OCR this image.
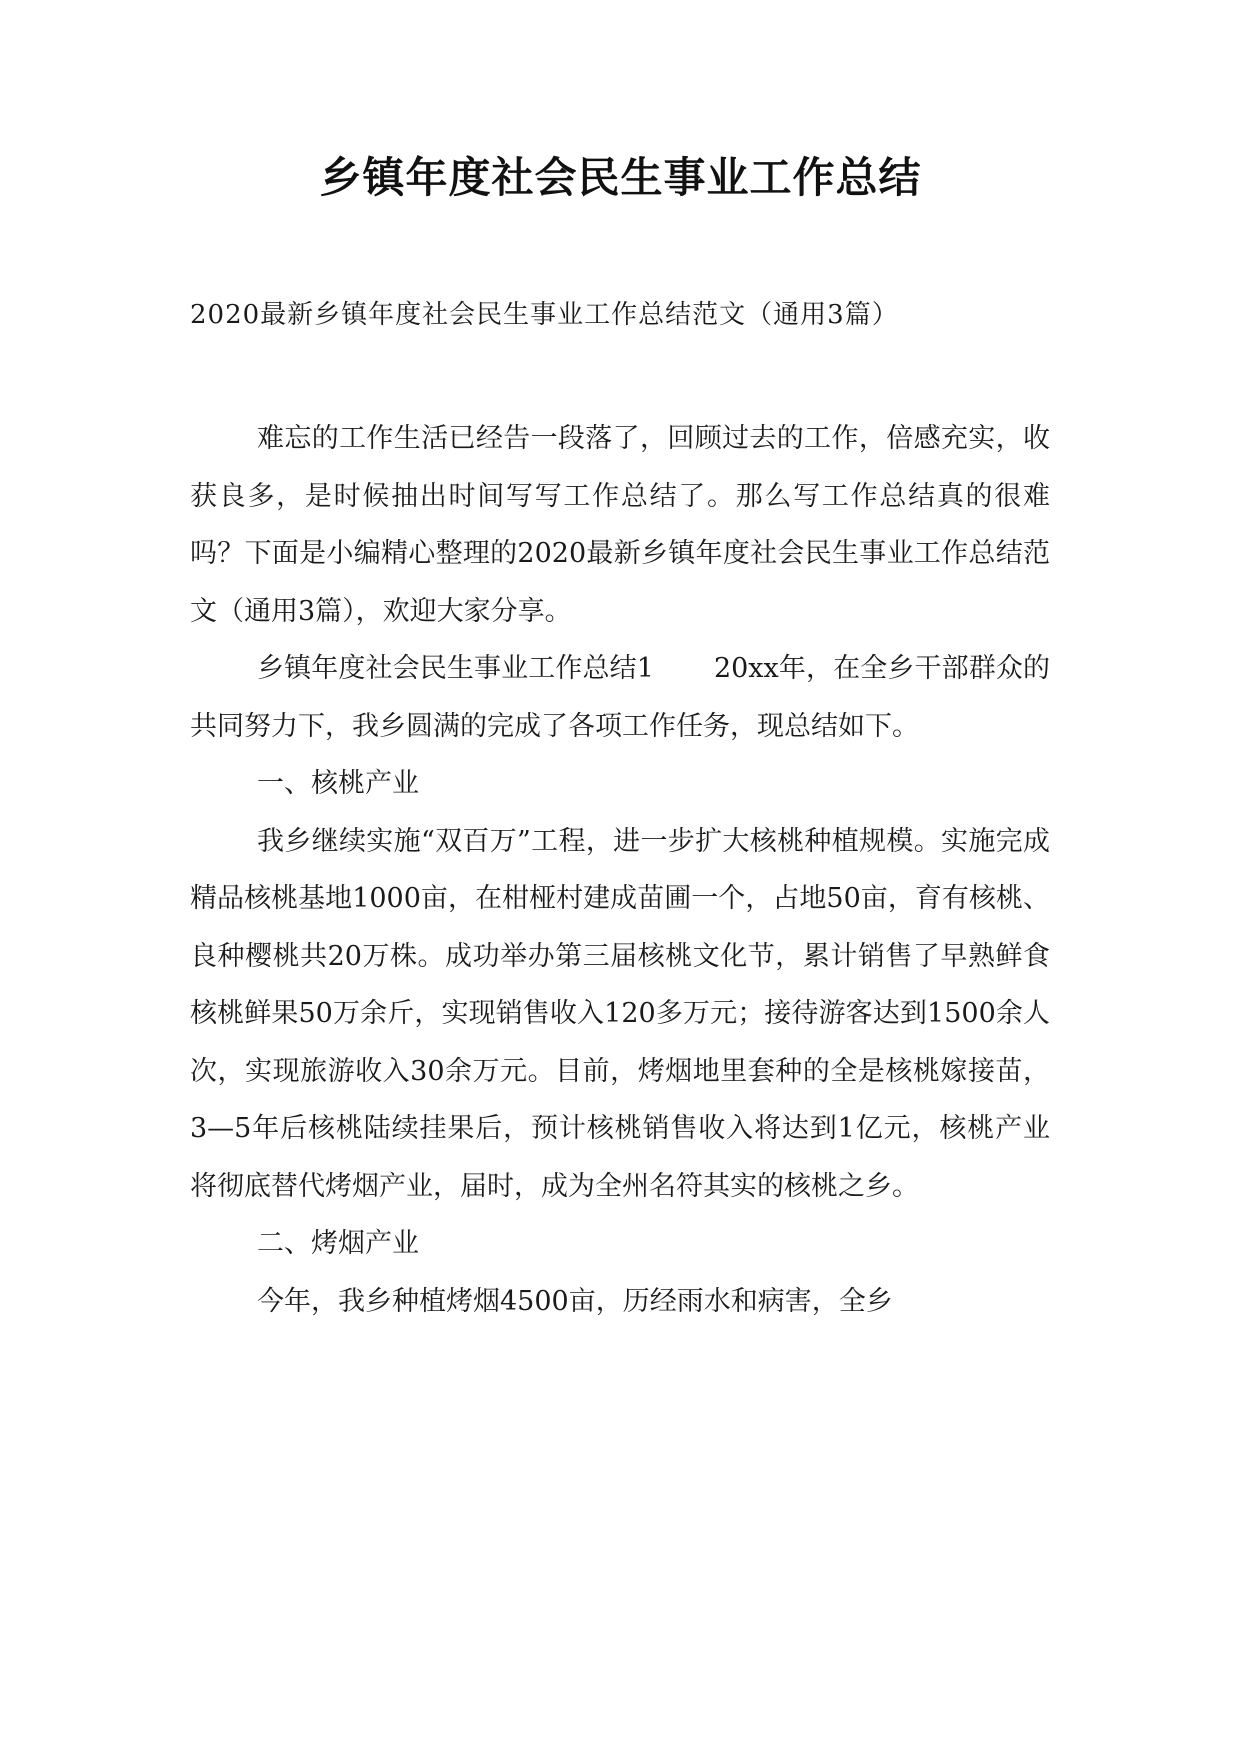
乡镇年度社会民生事业工作总结

2020最新乡镇年度社会民生事业工作总结范文（通用3篇）

难忘的工作生活已经告一段落了，回顾过去的工作，倍感充实，收获良多，是时候抽出时间写写工作总结了。那么写工作总结真的很难吗？下面是小编精心整理的2020最新乡镇年度社会民生事业工作总结范文（通用3篇），欢迎大家分享。

乡镇年度社会民生事业工作总结1 20xx年，在全乡干部群众的共同努力下，我乡圆满的完成了各项工作任务，现总结如下。

一、核桃产业

我乡继续实施“双百万”工程，进一步扩大核桃种植规模。实施完成精品核桃基地1000亩，在柑桠村建成苗圃一个，占地50亩，育有核桃、良种樱桃共20万株。成功举办第三届核桃文化节，累计销售了早熟鲜食核桃鲜果50万余斤，实现销售收入120多万元；接待游客达到1500余人次，实现旅游收入30余万元。目前，烤烟地里套种的全是核桃嫁接苗，3—5年后核桃陆续挂果后，预计核桃销售收入将达到1亿元，核桃产业将彻底替代烤烟产业，届时，成为全州名符其实的核桃之乡。

二、烤烟产业

今年，我乡种植烤烟4500亩，历经雨水和病害，全乡
